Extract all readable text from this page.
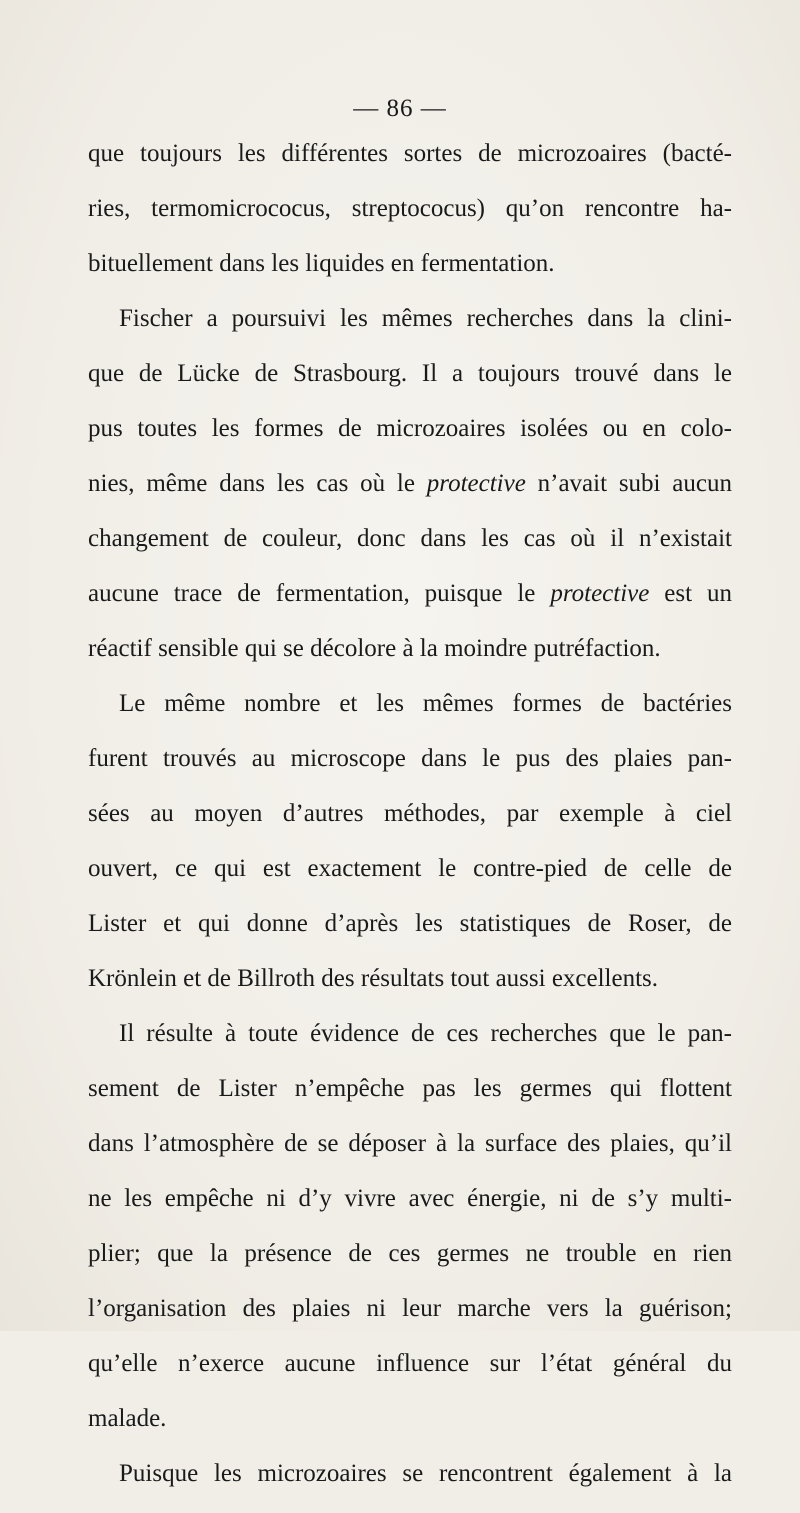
— 86 —
que toujours les différentes sortes de microzoaires (bacté-
ries, termomicrococus, streptococus) qu’on rencontre ha-
bituellement dans les liquides en fermentation.
Fischer a poursuivi les mêmes recherches dans la clini-
que de Lücke de Strasbourg. Il a toujours trouvé dans le
pus toutes les formes de microzoaires isolées ou en colo-
nies, même dans les cas où le protective n’avait subi aucun
changement de couleur, donc dans les cas où il n’existait
aucune trace de fermentation, puisque le protective est un
réactif sensible qui se décolore à la moindre putréfaction.
Le même nombre et les mêmes formes de bactéries
furent trouvés au microscope dans le pus des plaies pan-
sées au moyen d’autres méthodes, par exemple à ciel
ouvert, ce qui est exactement le contre-pied de celle de
Lister et qui donne d’après les statistiques de Roser, de
Krönlein et de Billroth des résultats tout aussi excellents.
Il résulte à toute évidence de ces recherches que le pan-
sement de Lister n’empêche pas les germes qui flottent
dans l’atmosphère de se déposer à la surface des plaies, qu’il
ne les empêche ni d’y vivre avec énergie, ni de s’y multi-
plier; que la présence de ces germes ne trouble en rien
l’organisation des plaies ni leur marche vers la guérison;
qu’elle n’exerce aucune influence sur l’état général du
malade.
Puisque les microzoaires se rencontrent également à la
